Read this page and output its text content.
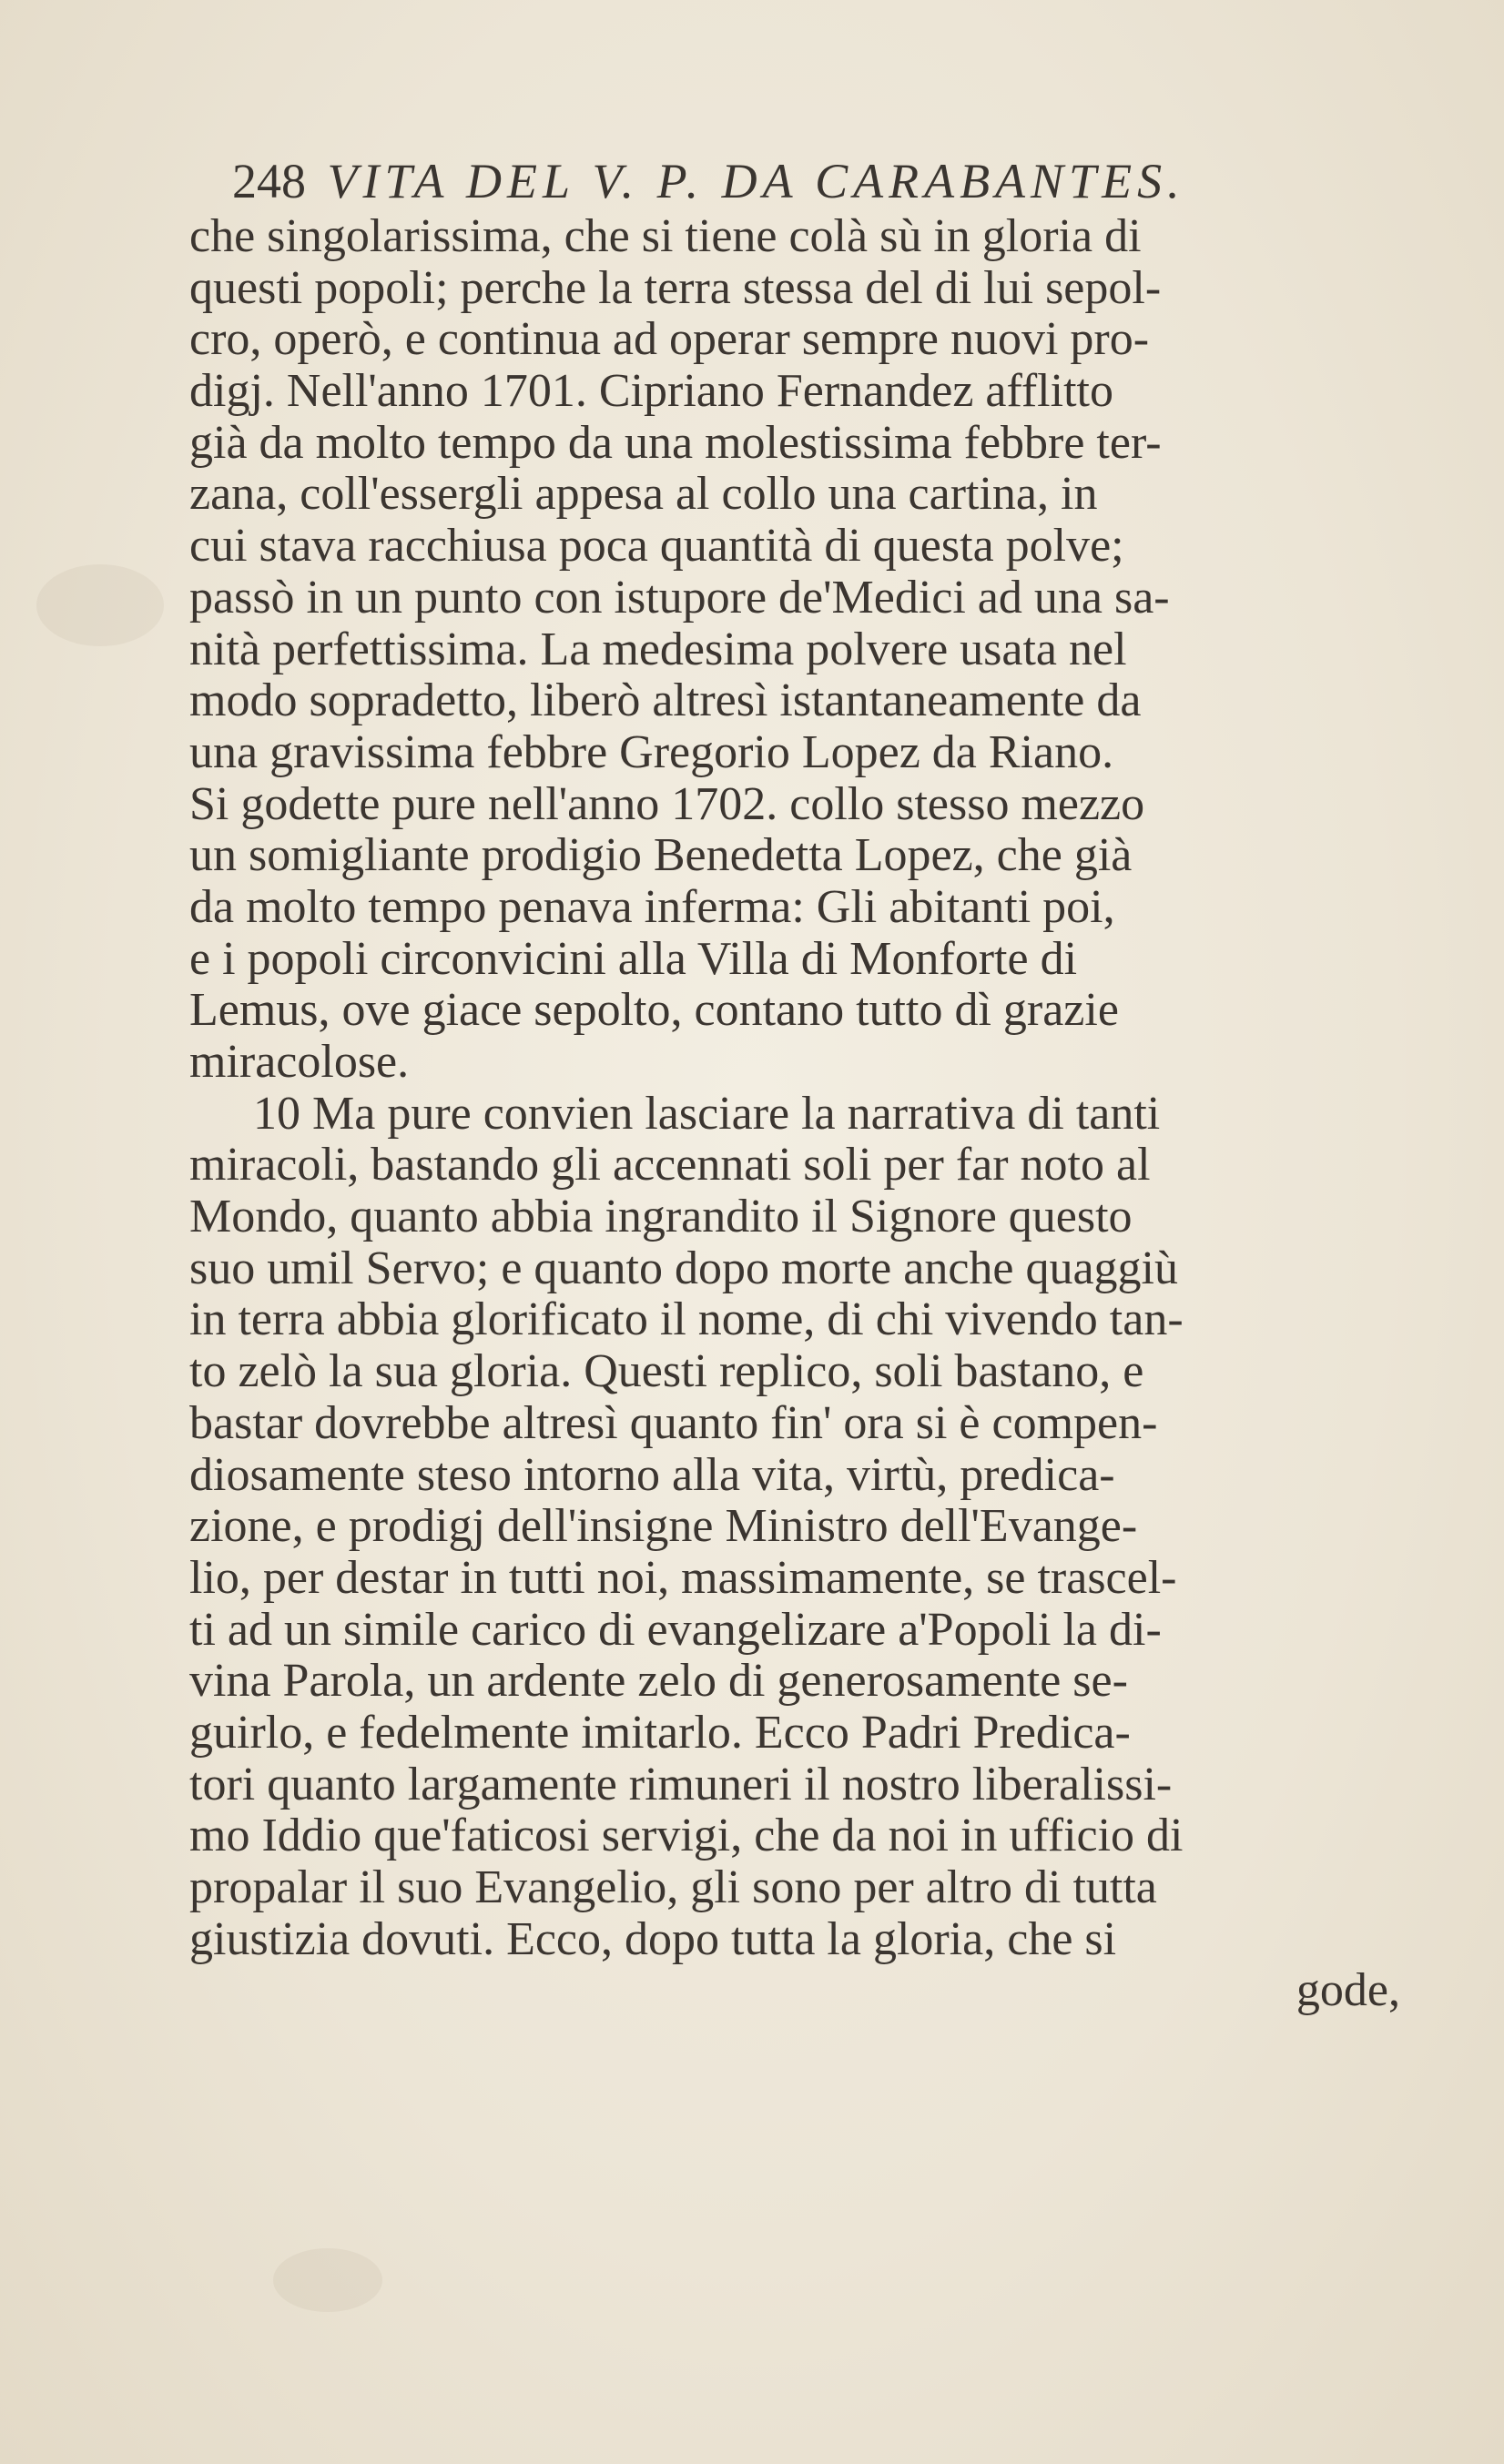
248 VITA DEL V. P. DA CARABANTES.
che singolarissima, che si tiene colà sù in gloria di
questi popoli; perche la terra stessa del di lui sepol-
cro, operò, e continua ad operar sempre nuovi pro-
digj. Nell'anno 1701. Cipriano Fernandez afflitto
già da molto tempo da una molestissima febbre ter-
zana, coll'essergli appesa al collo una cartina, in
cui stava racchiusa poca quantità di questa polve;
passò in un punto con istupore de'Medici ad una sa-
nità perfettissima. La medesima polvere usata nel
modo sopradetto, liberò altresì istantaneamente da
una gravissima febbre Gregorio Lopez da Riano.
Si godette pure nell'anno 1702. collo stesso mezzo
un somigliante prodigio Benedetta Lopez, che già
da molto tempo penava inferma: Gli abitanti poi,
e i popoli circonvicini alla Villa di Monforte di
Lemus, ove giace sepolto, contano tutto dì grazie
miracolose.
10 Ma pure convien lasciare la narrativa di tanti
miracoli, bastando gli accennati soli per far noto al
Mondo, quanto abbia ingrandito il Signore questo
suo umil Servo; e quanto dopo morte anche quaggiù
in terra abbia glorificato il nome, di chi vivendo tan-
to zelò la sua gloria. Questi replico, soli bastano, e
bastar dovrebbe altresì quanto fin' ora si è compen-
diosamente steso intorno alla vita, virtù, predica-
zione, e prodigj dell'insigne Ministro dell'Evange-
lio, per destar in tutti noi, massimamente, se trascel-
ti ad un simile carico di evangelizare a'Popoli la di-
vina Parola, un ardente zelo di generosamente se-
guirlo, e fedelmente imitarlo. Ecco Padri Predica-
tori quanto largamente rimuneri il nostro liberalissi-
mo Iddio que'faticosi servigi, che da noi in ufficio di
propalar il suo Evangelio, gli sono per altro di tutta
giustizia dovuti. Ecco, dopo tutta la gloria, che si
gode,
